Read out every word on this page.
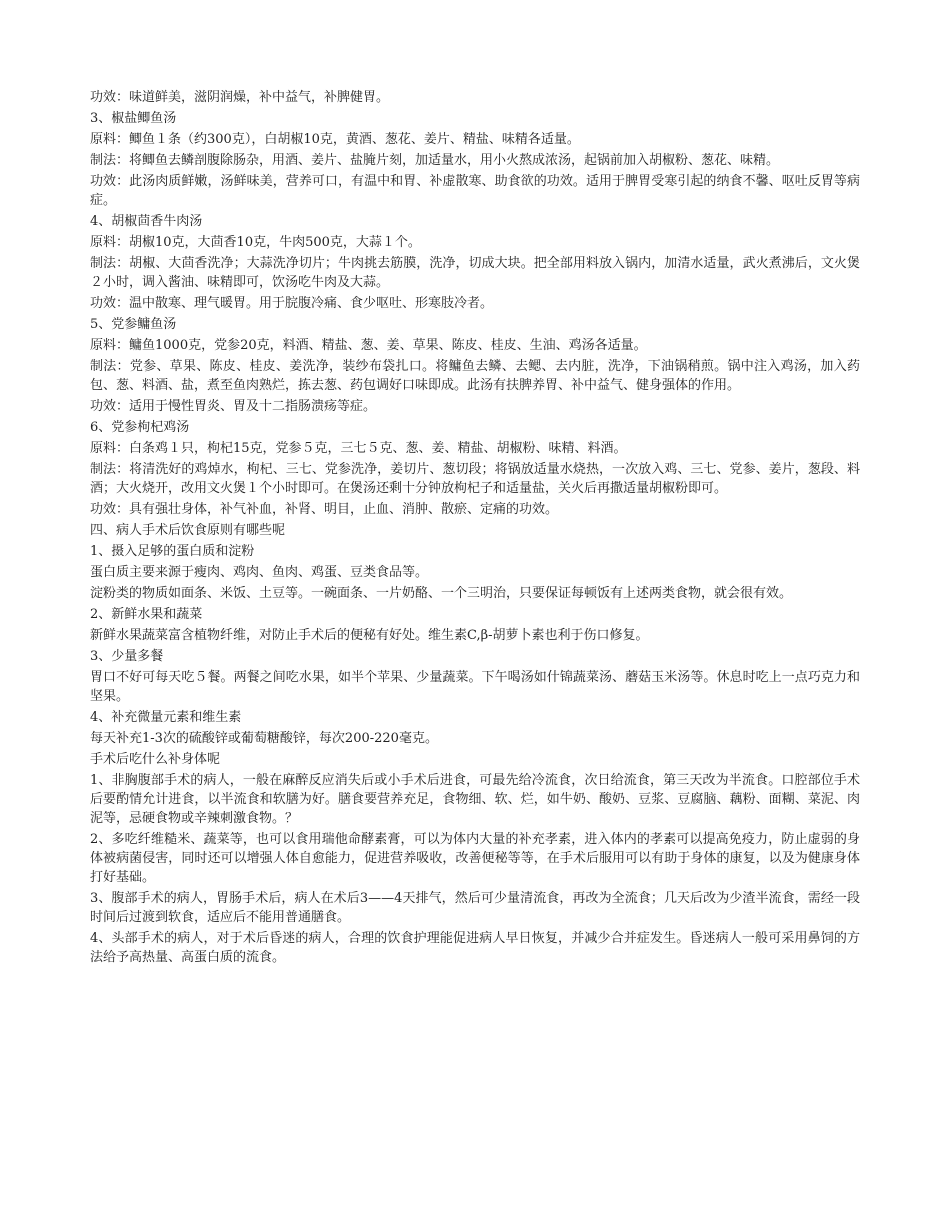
功效：味道鲜美，滋阴润燥，补中益气，补脾健胃。

3、椒盐鲫鱼汤

原料：鲫鱼１条（约300克），白胡椒10克，黄酒、葱花、姜片、精盐、味精各适量。

制法：将鲫鱼去鳞剖腹除肠杂，用酒、姜片、盐腌片刻，加适量水，用小火熬成浓汤，起锅前加入胡椒粉、葱花、味精。

功效：此汤肉质鲜嫩，汤鲜味美，营养可口，有温中和胃、补虚散寒、助食欲的功效。适用于脾胃受寒引起的纳食不馨、呕吐反胃等病症。

4、胡椒茴香牛肉汤

原料：胡椒10克，大茴香10克，牛肉500克，大蒜１个。

制法：胡椒、大茴香洗净；大蒜洗净切片；牛肉挑去筋膜，洗净，切成大块。把全部用料放入锅内，加清水适量，武火煮沸后，文火煲２小时，调入酱油、味精即可，饮汤吃牛肉及大蒜。

功效：温中散寒、理气暖胃。用于脘腹冷痛、食少呕吐、形寒肢冷者。

5、党参鳙鱼汤

原料：鳙鱼1000克，党参20克，料酒、精盐、葱、姜、草果、陈皮、桂皮、生油、鸡汤各适量。

制法：党参、草果、陈皮、桂皮、姜洗净，装纱布袋扎口。将鳙鱼去鳞、去鳃、去内脏，洗净，下油锅稍煎。锅中注入鸡汤，加入药包、葱、料酒、盐，煮至鱼肉熟烂，拣去葱、药包调好口味即成。此汤有扶脾养胃、补中益气、健身强体的作用。

功效：适用于慢性胃炎、胃及十二指肠溃疡等症。

6、党参枸杞鸡汤

原料：白条鸡１只，枸杞15克，党参５克，三七５克、葱、姜、精盐、胡椒粉、味精、料酒。

制法：将清洗好的鸡焯水，枸杞、三七、党参洗净，姜切片、葱切段；将锅放适量水烧热，一次放入鸡、三七、党参、姜片，葱段、料酒；大火烧开，改用文火煲１个小时即可。在煲汤还剩十分钟放枸杞子和适量盐，关火后再撒适量胡椒粉即可。

功效：具有强壮身体，补气补血，补肾、明目，止血、消肿、散瘀、定痛的功效。

四、病人手术后饮食原则有哪些呢

1、摄入足够的蛋白质和淀粉

蛋白质主要来源于瘦肉、鸡肉、鱼肉、鸡蛋、豆类食品等。

淀粉类的物质如面条、米饭、土豆等。一碗面条、一片奶酪、一个三明治，只要保证每顿饭有上述两类食物，就会很有效。

2、新鲜水果和蔬菜

新鲜水果蔬菜富含植物纤维，对防止手术后的便秘有好处。维生素C,β-胡萝卜素也利于伤口修复。

3、少量多餐

胃口不好可每天吃５餐。两餐之间吃水果，如半个苹果、少量蔬菜。下午喝汤如什锦蔬菜汤、蘑菇玉米汤等。休息时吃上一点巧克力和坚果。

4、补充微量元素和维生素

每天补充1-3次的硫酸锌或葡萄糖酸锌，每次200-220毫克。

手术后吃什么补身体呢

1、非胸腹部手术的病人，一般在麻醉反应消失后或小手术后进食，可最先给冷流食，次日给流食，第三天改为半流食。口腔部位手术后要酌情允计进食，以半流食和软膳为好。膳食要营养充足，食物细、软、烂，如牛奶、酸奶、豆浆、豆腐脑、藕粉、面糊、菜泥、肉泥等，忌硬食物或辛辣刺激食物。？

2、多吃纤维糙米、蔬菜等，也可以食用瑞他命酵素膏，可以为体内大量的补充孝素，进入体内的孝素可以提高免疫力，防止虚弱的身体被病菌侵害，同时还可以增强人体自愈能力，促进营养吸收，改善便秘等等，在手术后服用可以有助于身体的康复，以及为健康身体打好基础。

3、腹部手术的病人，胃肠手术后，病人在术后3——4天排气，然后可少量清流食，再改为全流食；几天后改为少渣半流食，需经一段时间后过渡到软食，适应后不能用普通膳食。

4、头部手术的病人，对于术后昏迷的病人，合理的饮食护理能促进病人早日恢复，并减少合并症发生。昏迷病人一般可采用鼻饲的方法给予高热量、高蛋白质的流食。
